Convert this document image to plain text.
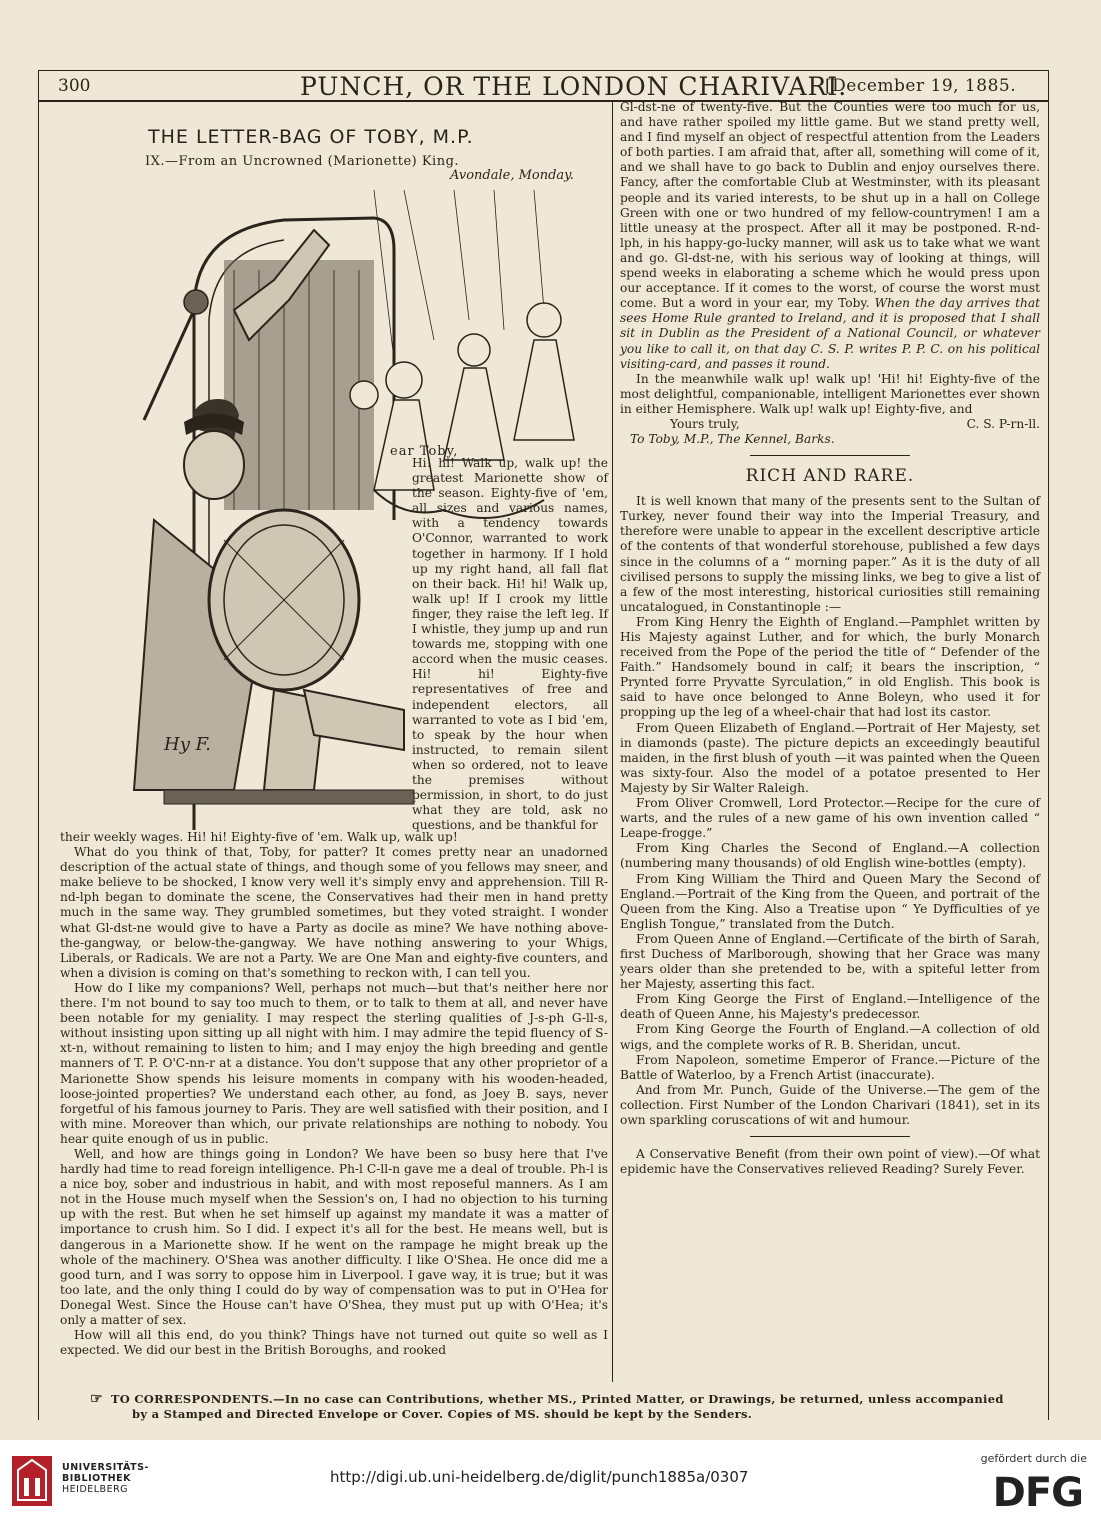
300	PUNCH, OR THE LONDON CHARIVARI.
[December 19, 1885.
THE LETTER-BAG OF TOBY, M.P.
IX.—From an Uncrowned (Marionette) King.
Avondale, Monday.
Hy F.
ear Toby,

Hi! hi! Walk up, walk up! the greatest Marionette show of the season. Eighty-five of 'em, all sizes and various names, with a tendency towards O'Connor, warranted to work together in harmony. If I hold up my right hand, all fall flat on their back. Hi! hi! Walk up, walk up! If I crook my little finger, they raise the left leg. If I whistle, they jump up and run towards me, stopping with one accord when the music ceases. Hi! hi! Eighty-five representatives of free and independent electors, all warranted to vote as I bid 'em, to speak by the hour when instructed, to remain silent when so ordered, not to leave the premises without permission, in short, to do just what they are told, ask no questions, and be thankful for

their weekly wages. Hi! hi! Eighty-five of 'em. Walk up, walk up!

What do you think of that, Toby, for patter? It comes pretty near an unadorned description of the actual state of things, and though some of you fellows may sneer, and make believe to be shocked, I know very well it's simply envy and apprehension. Till R-nd-lph began to dominate the scene, the Conservatives had their men in hand pretty much in the same way. They grumbled sometimes, but they voted straight. I wonder what Gl-dst-ne would give to have a Party as docile as mine? We have nothing above-the-gangway, or below-the-gangway. We have nothing answering to your Whigs, Liberals, or Radicals. We are not a Party. We are One Man and eighty-five counters, and when a division is coming on that's something to reckon with, I can tell you.

How do I like my companions? Well, perhaps not much—but that's neither here nor there. I'm not bound to say too much to them, or to talk to them at all, and never have been notable for my geniality. I may respect the sterling qualities of J-s-ph G-ll-s, without insisting upon sitting up all night with him. I may admire the tepid fluency of S-xt-n, without remaining to listen to him; and I may enjoy the high breeding and gentle manners of T. P. O'C-nn-r at a distance. You don't suppose that any other proprietor of a Marionette Show spends his leisure moments in company with his wooden-headed, loose-jointed properties? We understand each other, au fond, as Joey B. says, never forgetful of his famous journey to Paris. They are well satisfied with their position, and I with mine. Moreover than which, our private relationships are nothing to nobody. You hear quite enough of us in public.

Well, and how are things going in London? We have been so busy here that I've hardly had time to read foreign intelligence. Ph-l C-ll-n gave me a deal of trouble. Ph-l is a nice boy, sober and industrious in habit, and with most reposeful manners. As I am not in the House much myself when the Session's on, I had no objection to his turning up with the rest. But when he set himself up against my mandate it was a matter of importance to crush him. So I did. I expect it's all for the best. He means well, but is dangerous in a Marionette show. If he went on the rampage he might break up the whole of the machinery. O'Shea was another difficulty. I like O'Shea. He once did me a good turn, and I was sorry to oppose him in Liverpool. I gave way, it is true; but it was too late, and the only thing I could do by way of compensation was to put in O'Hea for Donegal West. Since the House can't have O'Shea, they must put up with O'Hea; it's only a matter of sex.

How will all this end, do you think? Things have not turned out quite so well as I expected. We did our best in the British Boroughs, and rooked

Gl-dst-ne of twenty-five. But the Counties were too much for us, and have rather spoiled my little game. But we stand pretty well, and I find myself an object of respectful attention from the Leaders of both parties. I am afraid that, after all, something will come of it, and we shall have to go back to Dublin and enjoy ourselves there. Fancy, after the comfortable Club at Westminster, with its pleasant people and its varied interests, to be shut up in a hall on College Green with one or two hundred of my fellow-countrymen! I am a little uneasy at the prospect. After all it may be postponed. R-nd-lph, in his happy-go-lucky manner, will ask us to take what we want and go. Gl-dst-ne, with his serious way of looking at things, will spend weeks in elaborating a scheme which he would press upon our acceptance. If it comes to the worst, of course the worst must come. But a word in your ear, my Toby. When the day arrives that sees Home Rule granted to Ireland, and it is proposed that I shall sit in Dublin as the President of a National Council, or whatever you like to call it, on that day C. S. P. writes P. P. C. on his political visiting-card, and passes it round.

In the meanwhile walk up! walk up! 'Hi! hi! Eighty-five of the most delightful, companionable, intelligent Marionettes ever shown in either Hemisphere. Walk up! walk up! Eighty-five, and

Yours truly,	C. S. P-rn-ll.
To Toby, M.P., The Kennel, Barks.
RICH AND RARE.

It is well known that many of the presents sent to the Sultan of Turkey, never found their way into the Imperial Treasury, and therefore were unable to appear in the excellent descriptive article of the contents of that wonderful storehouse, published a few days since in the columns of a “ morning paper.” As it is the duty of all civilised persons to supply the missing links, we beg to give a list of a few of the most interesting, historical curiosities still remaining uncatalogued, in Constantinople :—

From King Henry the Eighth of England.—Pamphlet written by His Majesty against Luther, and for which, the burly Monarch received from the Pope of the period the title of “ Defender of the Faith.” Handsomely bound in calf; it bears the inscription, “ Prynted forre Pryvatte Syrculation,” in old English. This book is said to have once belonged to Anne Boleyn, who used it for propping up the leg of a wheel-chair that had lost its castor.

From Queen Elizabeth of England.—Portrait of Her Majesty, set in diamonds (paste). The picture depicts an exceedingly beautiful maiden, in the first blush of youth —it was painted when the Queen was sixty-four. Also the model of a potatoe presented to Her Majesty by Sir Walter Raleigh.

From Oliver Cromwell, Lord Protector.—Recipe for the cure of warts, and the rules of a new game of his own invention called “ Leape-frogge.”

From King Charles the Second of England.—A collection (numbering many thousands) of old English wine-bottles (empty).

From King William the Third and Queen Mary the Second of England.—Portrait of the King from the Queen, and portrait of the Queen from the King. Also a Treatise upon “ Ye Dyfficulties of ye English Tongue,” translated from the Dutch.

From Queen Anne of England.—Certificate of the birth of Sarah, first Duchess of Marlborough, showing that her Grace was many years older than she pretended to be, with a spiteful letter from her Majesty, asserting this fact.

From King George the First of England.—Intelligence of the death of Queen Anne, his Majesty's predecessor.

From King George the Fourth of England.—A collection of old wigs, and the complete works of R. B. Sheridan, uncut.

From Napoleon, sometime Emperor of France.—Picture of the Battle of Waterloo, by a French Artist (inaccurate).

And from Mr. Punch, Guide of the Universe.—The gem of the collection. First Number of the London Charivari (1841), set in its own sparkling coruscations of wit and humour.

A Conservative Benefit (from their own point of view).—Of what epidemic have the Conservatives relieved Reading? Surely Fever.

☞ TO CORRESPONDENTS.—In no case can Contributions, whether MS., Printed Matter, or Drawings, be returned, unless accompanied
by a Stamped and Directed Envelope or Cover. Copies of MS. should be kept by the Senders.
UNIVERSITÄTS-
BIBLIOTHEK
HEIDELBERG
http://digi.ub.uni-heidelberg.de/diglit/punch1885a/0307
gefördert durch die
DFG
